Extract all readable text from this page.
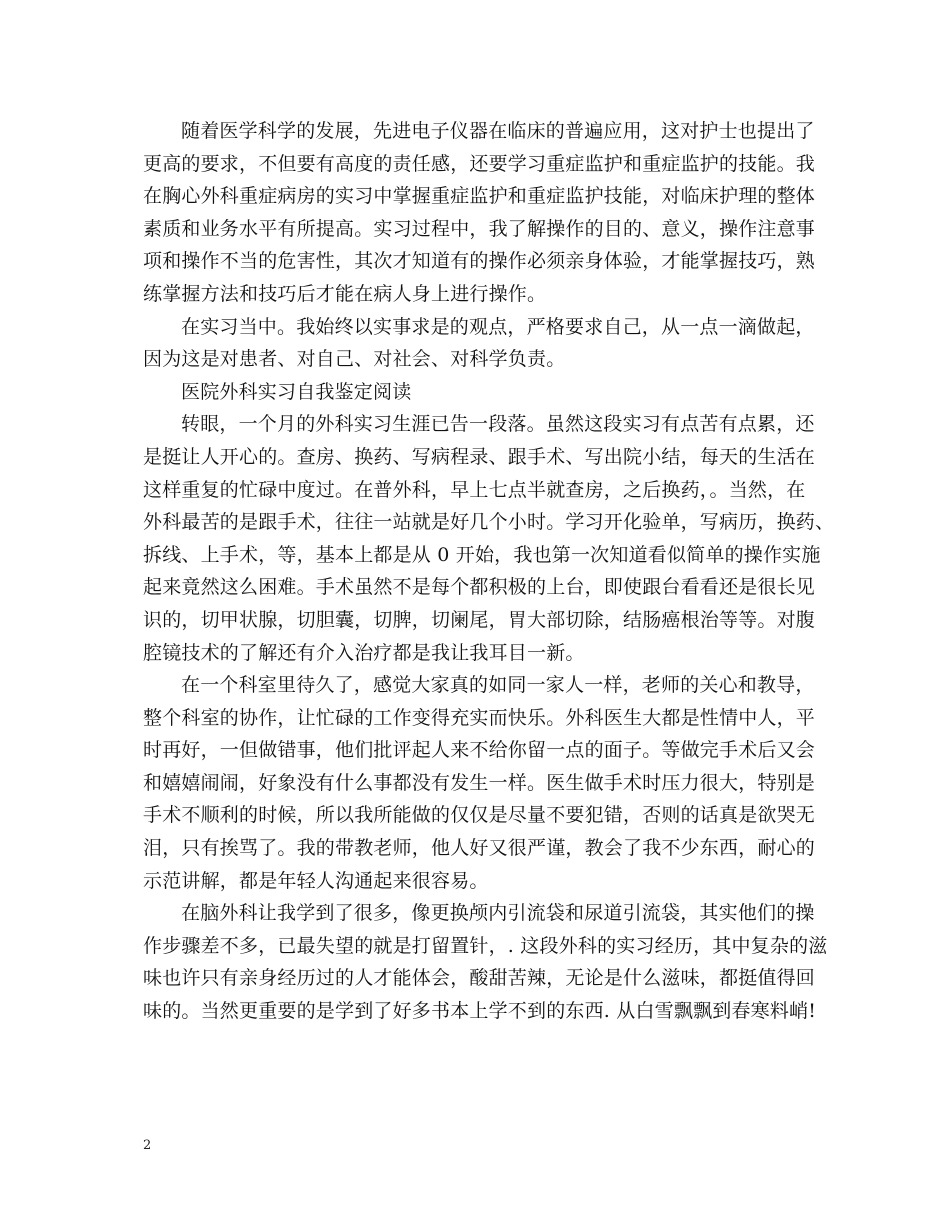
随着医学科学的发展，先进电子仪器在临床的普遍应用，这对护士也提出了
更高的要求，不但要有高度的责任感，还要学习重症监护和重症监护的技能。我
在胸心外科重症病房的实习中掌握重症监护和重症监护技能，对临床护理的整体
素质和业务水平有所提高。实习过程中，我了解操作的目的、意义，操作注意事
项和操作不当的危害性，其次才知道有的操作必须亲身体验，才能掌握技巧，熟
练掌握方法和技巧后才能在病人身上进行操作。
在实习当中。我始终以实事求是的观点，严格要求自己，从一点一滴做起，
因为这是对患者、对自己、对社会、对科学负责。
医院外科实习自我鉴定阅读
转眼，一个月的外科实习生涯已告一段落。虽然这段实习有点苦有点累，还
是挺让人开心的。查房、换药、写病程录、跟手术、写出院小结，每天的生活在
这样重复的忙碌中度过。在普外科，早上七点半就查房，之后换药，。当然，在
外科最苦的是跟手术，往往一站就是好几个小时。学习开化验单，写病历，换药、
拆线、上手术，等，基本上都是从 0 开始，我也第一次知道看似简单的操作实施
起来竟然这么困难。手术虽然不是每个都积极的上台，即使跟台看看还是很长见
识的，切甲状腺，切胆囊，切脾，切阑尾，胃大部切除，结肠癌根治等等。对腹
腔镜技术的了解还有介入治疗都是我让我耳目一新。
在一个科室里待久了，感觉大家真的如同一家人一样，老师的关心和教导，
整个科室的协作，让忙碌的工作变得充实而快乐。外科医生大都是性情中人，平
时再好，一但做错事，他们批评起人来不给你留一点的面子。等做完手术后又会
和嬉嬉闹闹，好象没有什么事都没有发生一样。医生做手术时压力很大，特别是
手术不顺利的时候，所以我所能做的仅仅是尽量不要犯错，否则的话真是欲哭无
泪，只有挨骂了。我的带教老师，他人好又很严谨，教会了我不少东西，耐心的
示范讲解，都是年轻人沟通起来很容易。
在脑外科让我学到了很多，像更换颅内引流袋和尿道引流袋，其实他们的操
作步骤差不多，已最失望的就是打留置针，. 这段外科的实习经历，其中复杂的滋
味也许只有亲身经历过的人才能体会，酸甜苦辣，无论是什么滋味，都挺值得回
味的。当然更重要的是学到了好多书本上学不到的东西. 从白雪飘飘到春寒料峭!
2
